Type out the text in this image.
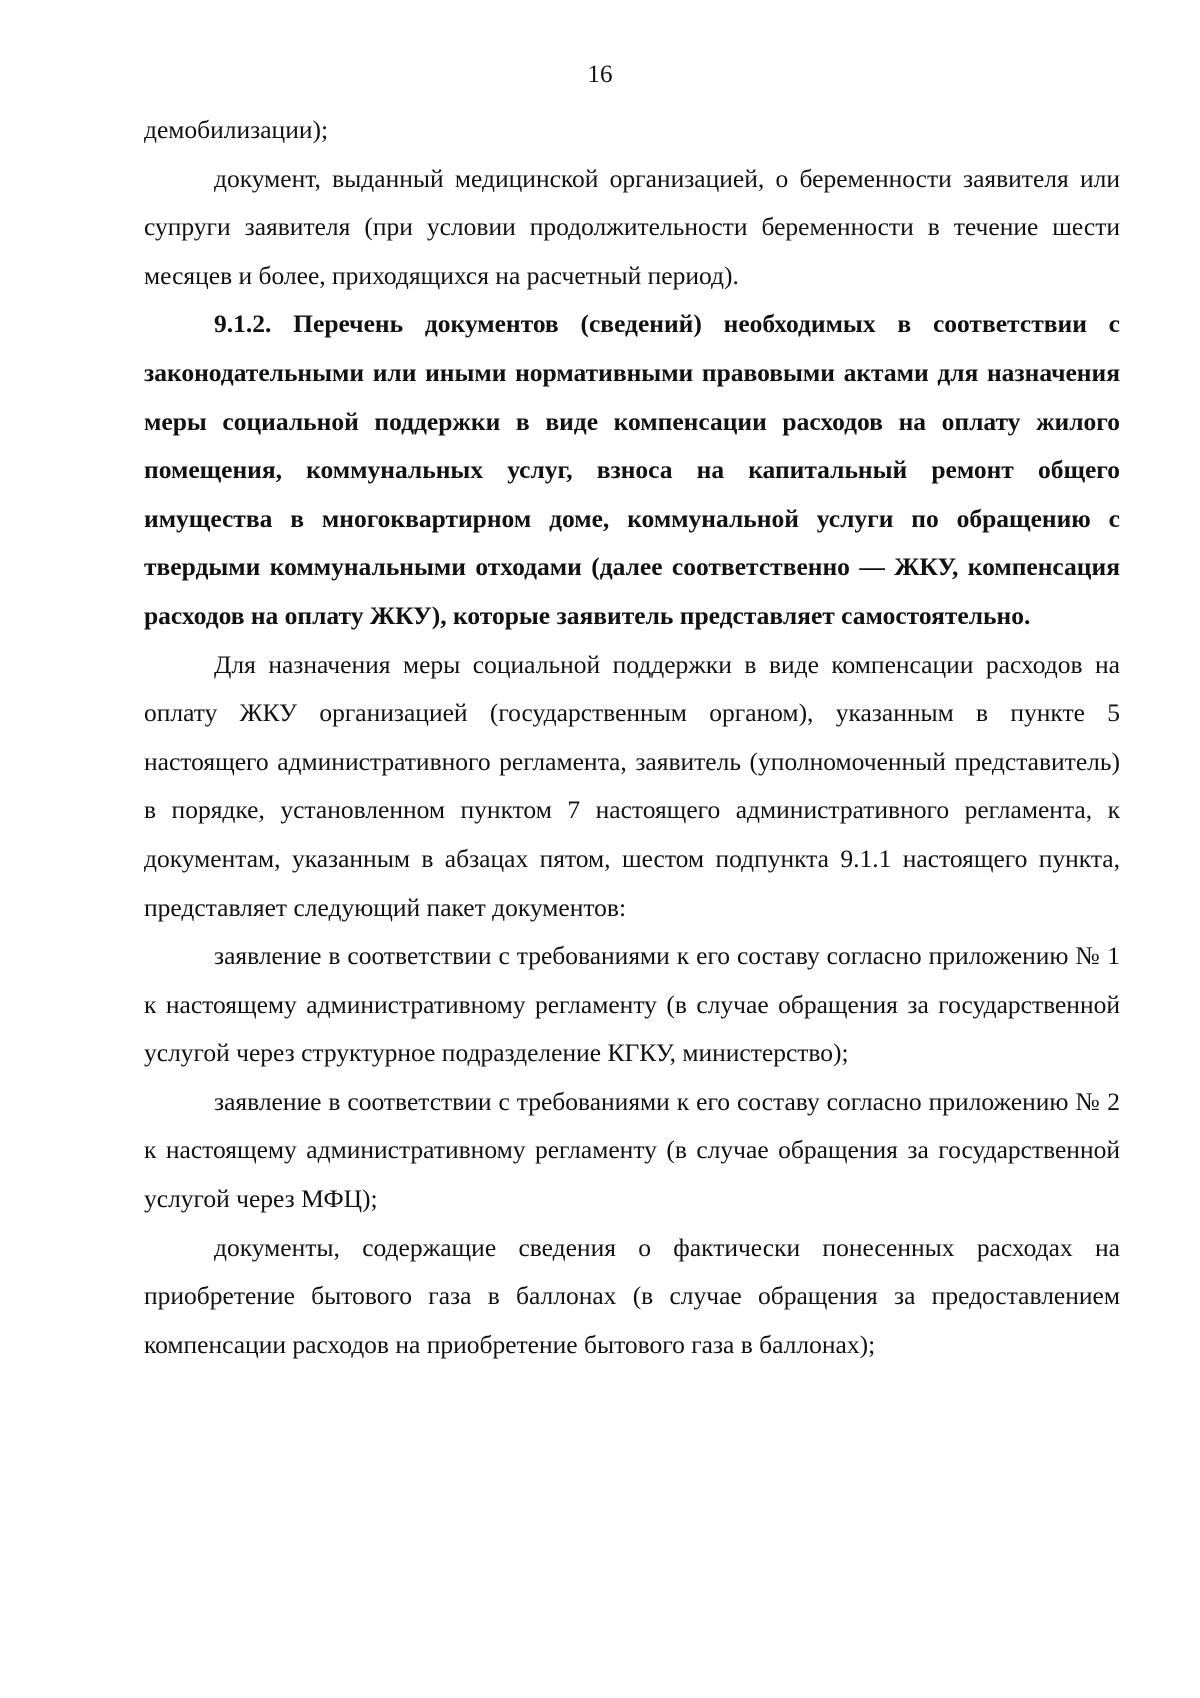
16

демобилизации);

документ, выданный медицинской организацией, о беременности заявителя или супруги заявителя (при условии продолжительности беременности в течение шести месяцев и более, приходящихся на расчетный период).

9.1.2. Перечень документов (сведений) необходимых в соответствии с законодательными или иными нормативными правовыми актами для назначения меры социальной поддержки в виде компенсации расходов на оплату жилого помещения, коммунальных услуг, взноса на капитальный ремонт общего имущества в многоквартирном доме, коммунальной услуги по обращению с твердыми коммунальными отходами (далее соответственно — ЖКУ, компенсация расходов на оплату ЖКУ), которые заявитель представляет самостоятельно.

Для назначения меры социальной поддержки в виде компенсации расходов на оплату ЖКУ организацией (государственным органом), указанным в пункте 5 настоящего административного регламента, заявитель (уполномоченный представитель) в порядке, установленном пунктом 7 настоящего административного регламента, к документам, указанным в абзацах пятом, шестом подпункта 9.1.1 настоящего пункта, представляет следующий пакет документов:

заявление в соответствии с требованиями к его составу согласно приложению № 1 к настоящему административному регламенту (в случае обращения за государственной услугой через структурное подразделение КГКУ, министерство);

заявление в соответствии с требованиями к его составу согласно приложению № 2 к настоящему административному регламенту (в случае обращения за государственной услугой через МФЦ);

документы, содержащие сведения о фактически понесенных расходах на приобретение бытового газа в баллонах (в случае обращения за предоставлением компенсации расходов на приобретение бытового газа в баллонах);
